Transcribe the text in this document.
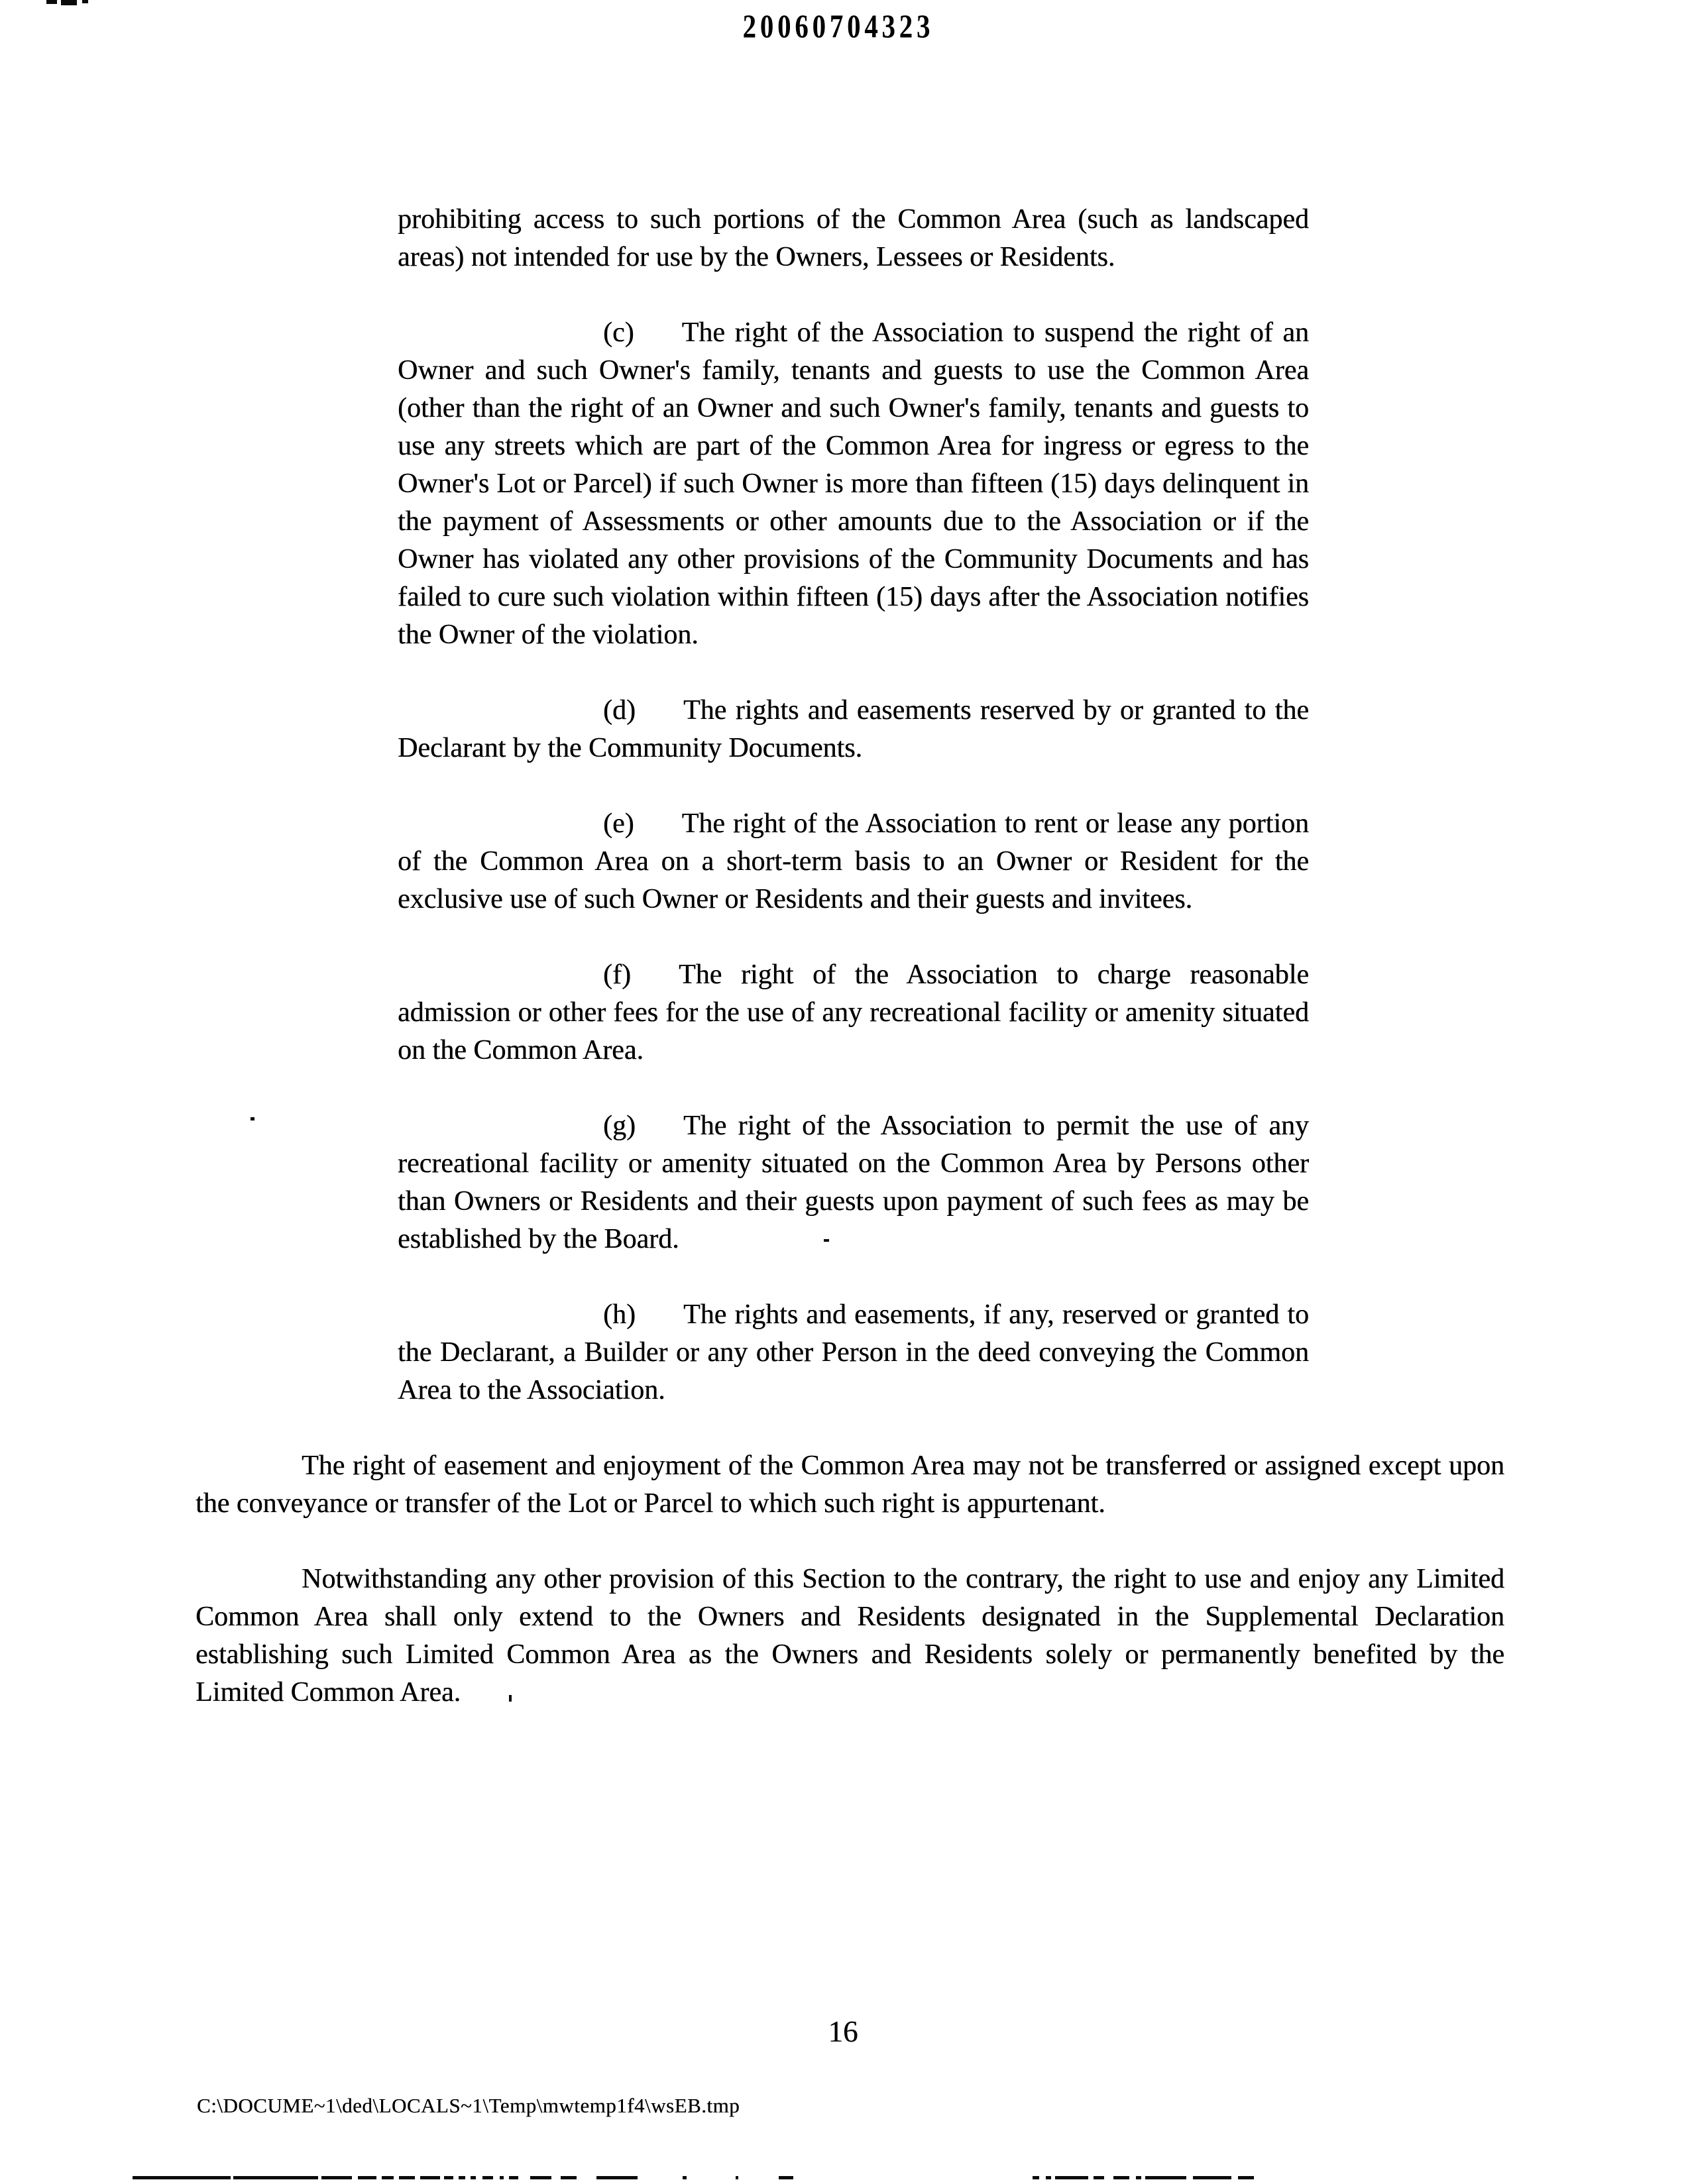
20060704323

prohibiting access to such portions of the Common Area (such as landscaped areas) not intended for use by the Owners, Lessees or Residents.

(c) The right of the Association to suspend the right of an Owner and such Owner's family, tenants and guests to use the Common Area (other than the right of an Owner and such Owner's family, tenants and guests to use any streets which are part of the Common Area for ingress or egress to the Owner's Lot or Parcel) if such Owner is more than fifteen (15) days delinquent in the payment of Assessments or other amounts due to the Association or if the Owner has violated any other provisions of the Community Documents and has failed to cure such violation within fifteen (15) days after the Association notifies the Owner of the violation.

(d) The rights and easements reserved by or granted to the Declarant by the Community Documents.

(e) The right of the Association to rent or lease any portion of the Common Area on a short-term basis to an Owner or Resident for the exclusive use of such Owner or Residents and their guests and invitees.

(f) The right of the Association to charge reasonable admission or other fees for the use of any recreational facility or amenity situated on the Common Area.

(g) The right of the Association to permit the use of any recreational facility or amenity situated on the Common Area by Persons other than Owners or Residents and their guests upon payment of such fees as may be established by the Board.

(h) The rights and easements, if any, reserved or granted to the Declarant, a Builder or any other Person in the deed conveying the Common Area to the Association.

The right of easement and enjoyment of the Common Area may not be transferred or assigned except upon the conveyance or transfer of the Lot or Parcel to which such right is appurtenant.

Notwithstanding any other provision of this Section to the contrary, the right to use and enjoy any Limited Common Area shall only extend to the Owners and Residents designated in the Supplemental Declaration establishing such Limited Common Area as the Owners and Residents solely or permanently benefited by the Limited Common Area.

16
C:\DOCUME~1\ded\LOCALS~1\Temp\mwtemp1f4\wsEB.tmp
